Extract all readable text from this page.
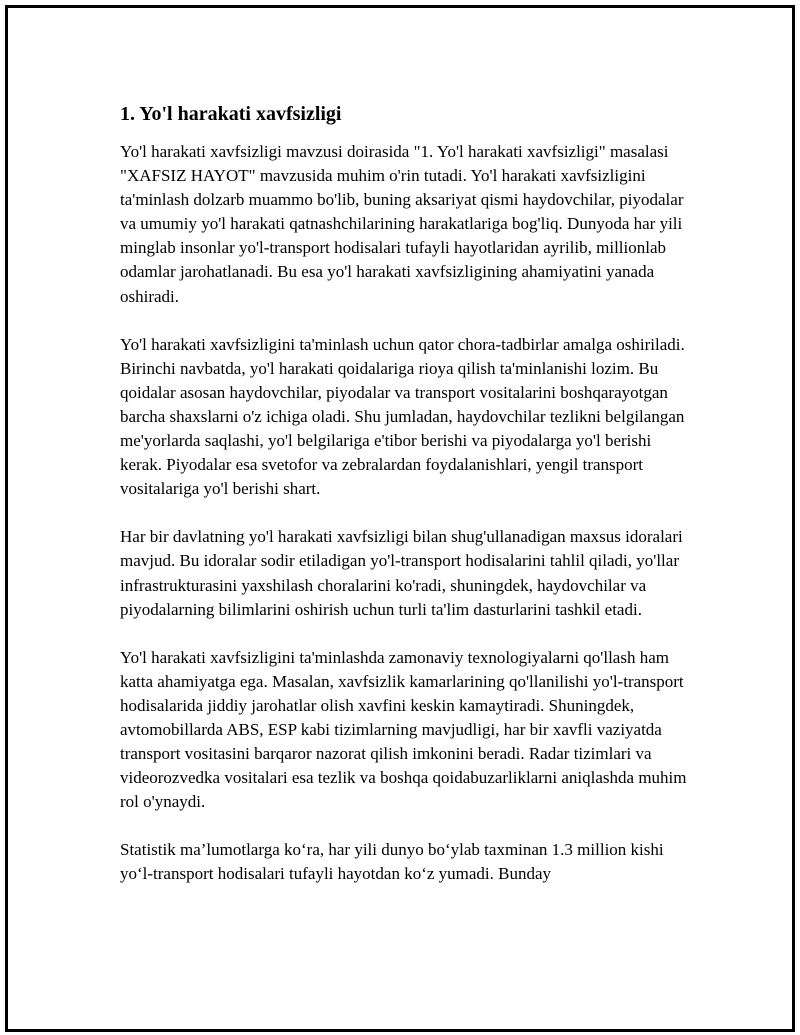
1. Yo'l harakati xavfsizligi

Yo'l harakati xavfsizligi mavzusi doirasida "1. Yo'l harakati xavfsizligi" masalasi "XAFSIZ HAYOT" mavzusida muhim o'rin tutadi. Yo'l harakati xavfsizligini ta'minlash dolzarb muammo bo'lib, buning aksariyat qismi haydovchilar, piyodalar va umumiy yo'l harakati qatnashchilarining harakatlariga bog'liq. Dunyoda har yili minglab insonlar yo'l-transport hodisalari tufayli hayotlaridan ayrilib, millionlab odamlar jarohatlanadi. Bu esa yo'l harakati xavfsizligining ahamiyatini yanada oshiradi.

Yo'l harakati xavfsizligini ta'minlash uchun qator chora-tadbirlar amalga oshiriladi. Birinchi navbatda, yo'l harakati qoidalariga rioya qilish ta'minlanishi lozim. Bu qoidalar asosan haydovchilar, piyodalar va transport vositalarini boshqarayotgan barcha shaxslarni o'z ichiga oladi. Shu jumladan, haydovchilar tezlikni belgilangan me'yorlarda saqlashi, yo'l belgilariga e'tibor berishi va piyodalarga yo'l berishi kerak. Piyodalar esa svetofor va zebralardan foydalanishlari, yengil transport vositalariga yo'l berishi shart.

Har bir davlatning yo'l harakati xavfsizligi bilan shug'ullanadigan maxsus idoralari mavjud. Bu idoralar sodir etiladigan yo'l-transport hodisalarini tahlil qiladi, yo'llar infrastrukturasini yaxshilash choralarini ko'radi, shuningdek, haydovchilar va piyodalarning bilimlarini oshirish uchun turli ta'lim dasturlarini tashkil etadi.

Yo'l harakati xavfsizligini ta'minlashda zamonaviy texnologiyalarni qo'llash ham katta ahamiyatga ega. Masalan, xavfsizlik kamarlarining qo'llanilishi yo'l-transport hodisalarida jiddiy jarohatlar olish xavfini keskin kamaytiradi. Shuningdek, avtomobillarda ABS, ESP kabi tizimlarning mavjudligi, har bir xavfli vaziyatda transport vositasini barqaror nazorat qilish imkonini beradi. Radar tizimlari va videorozvedka vositalari esa tezlik va boshqa qoidabuzarliklarni aniqlashda muhim rol o'ynaydi.

Statistik ma’lumotlarga ko‘ra, har yili dunyo bo‘ylab taxminan 1.3 million kishi yo‘l-transport hodisalari tufayli hayotdan ko‘z yumadi. Bunday
